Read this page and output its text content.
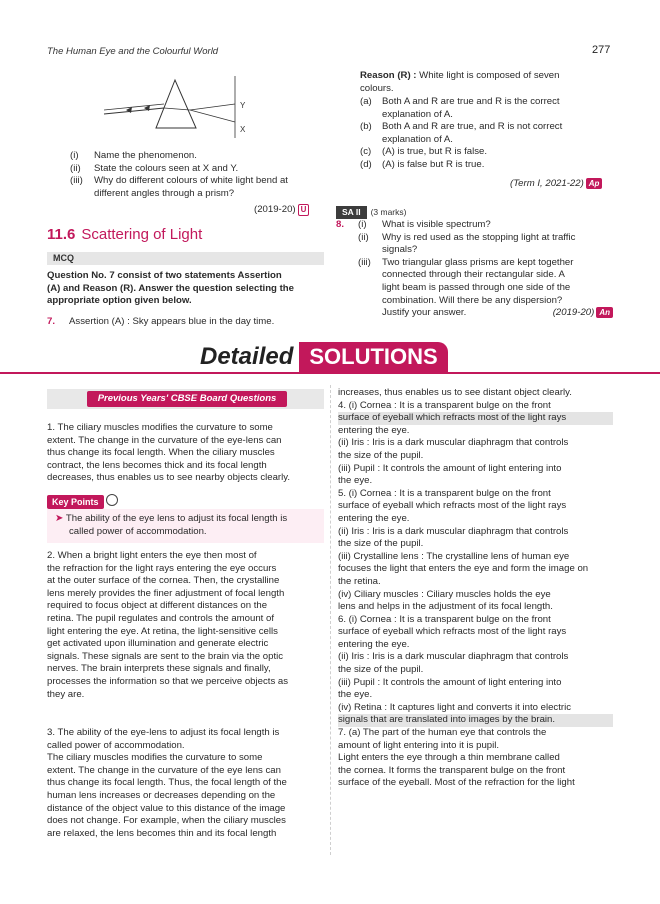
The Human Eye and the Colourful World	277
Y
X
(i) Name the phenomenon.
(ii) State the colours seen at X and Y.
(iii) Why do different colours of white light bend at
different angles through a prism?
(2019-20) U
11.6 Scattering of Light
MCQ
Question No. 7 consist of two statements Assertion
(A) and Reason (R). Answer the question selecting the
appropriate option given below.
7. Assertion (A) : Sky appears blue in the day time.
Reason (R) : White light is composed of seven
colours.
(a) Both A and R are true and R is the correct
explanation of A.
(b) Both A and R are true, and R is not correct
explanation of A.
(c) (A) is true, but R is false.
(d) (A) is false but R is true.
(Term I, 2021-22) Ap
SA II (3 marks)
8.	(i) What is visible spectrum?
(ii) Why is red used as the stopping light at traffic
signals?
(iii) Two triangular glass prisms are kept together
connected through their rectangular side. A
light beam is passed through one side of the
combination. Will there be any dispersion?
Justify your answer.	(2019-20) An
Detailed SOLUTIONS
Previous Years' CBSE Board Questions
1. The ciliary muscles modifies the curvature to some
extent. The change in the curvature of the eye-lens can
thus change its focal length. When the ciliary muscles
contract, the lens becomes thick and its focal length
decreases, thus enables us to see nearby objects clearly.
Key Points
➤ The ability of the eye lens to adjust its focal length is
called power of accommodation.
2. When a bright light enters the eye then most of
the refraction for the light rays entering the eye occurs
at the outer surface of the cornea. Then, the crystalline
lens merely provides the finer adjustment of focal length
required to focus object at different distances on the
retina. The pupil regulates and controls the amount of
light entering the eye. At retina, the light-sensitive cells
get activated upon illumination and generate electric
signals. These signals are sent to the brain via the optic
nerves. The brain interprets these signals and finally,
processes the information so that we perceive objects as
they are.
3. The ability of the eye-lens to adjust its focal length is
called power of accommodation.
The ciliary muscles modifies the curvature to some
extent. The change in the curvature of the eye lens can
thus change its focal length. Thus, the focal length of the
human lens increases or decreases depending on the
distance of the object value to this distance of the image
does not change. For example, when the ciliary muscles
are relaxed, the lens becomes thin and its focal length
increases, thus enables us to see distant object clearly.
4. (i) Cornea : It is a transparent bulge on the front
surface of eyeball which refracts most of the light rays
entering the eye.
(ii) Iris : Iris is a dark muscular diaphragm that controls
the size of the pupil.
(iii) Pupil : It controls the amount of light entering into
the eye.
5. (i) Cornea : It is a transparent bulge on the front
surface of eyeball which refracts most of the light rays
entering the eye.
(ii) Iris : Iris is a dark muscular diaphragm that controls
the size of the pupil.
(iii) Crystalline lens : The crystalline lens of human eye
focuses the light that enters the eye and form the image on
the retina.
(iv) Ciliary muscles : Ciliary muscles holds the eye
lens and helps in the adjustment of its focal length.
6. (i) Cornea : It is a transparent bulge on the front
surface of eyeball which refracts most of the light rays
entering the eye.
(ii) Iris : Iris is a dark muscular diaphragm that controls
the size of the pupil.
(iii) Pupil : It controls the amount of light entering into
the eye.
(iv) Retina : It captures light and converts it into electric
signals that are translated into images by the brain.
7. (a) The part of the human eye that controls the
amount of light entering into it is pupil.
Light enters the eye through a thin membrane called
the cornea. It forms the transparent bulge on the front
surface of the eyeball. Most of the refraction for the light
